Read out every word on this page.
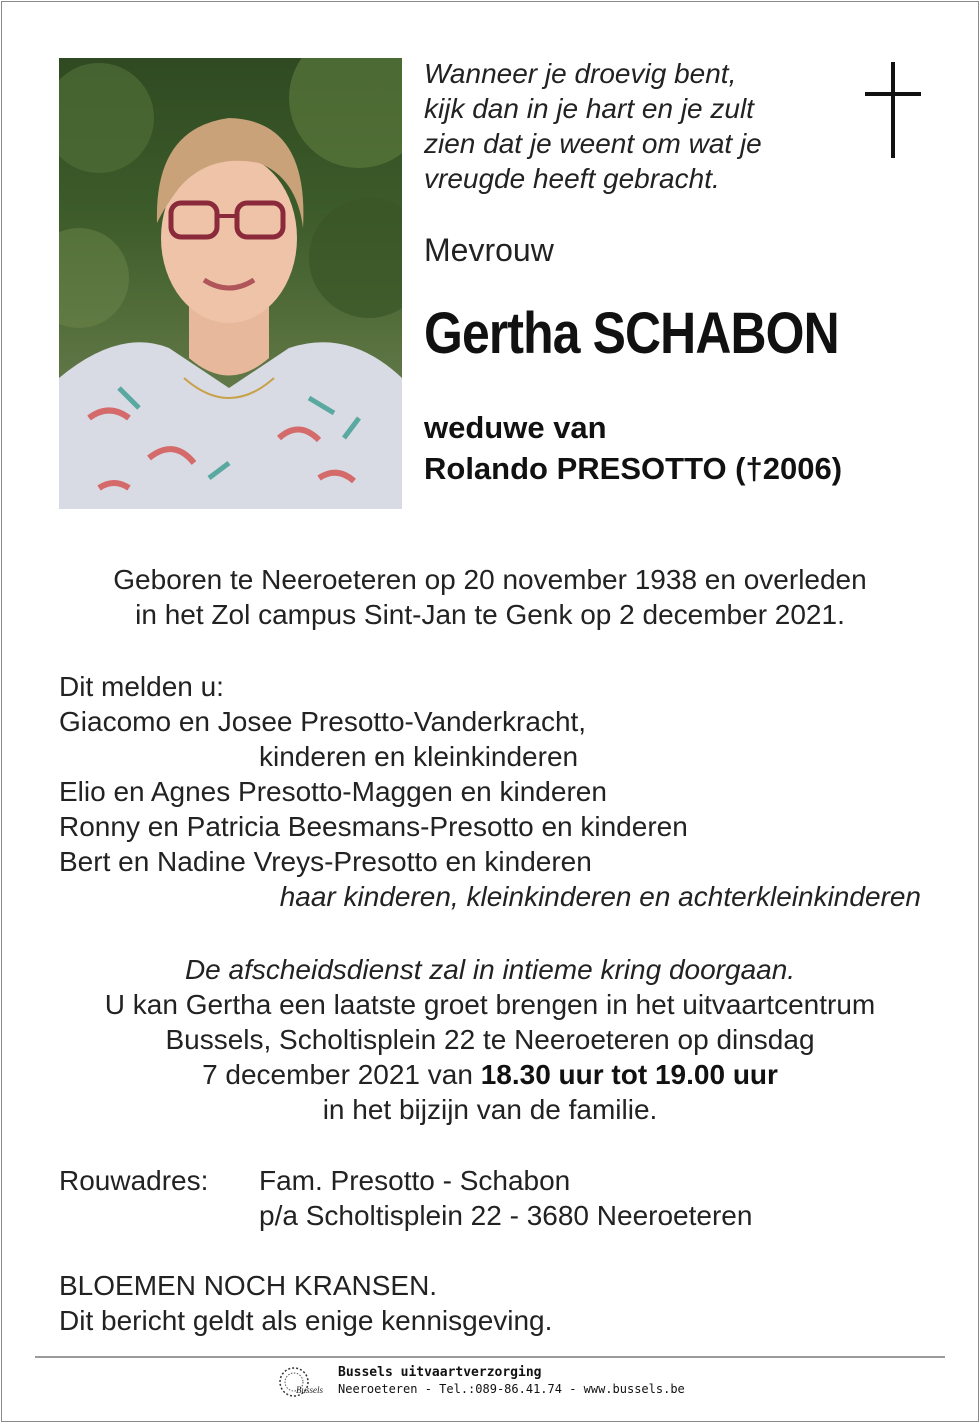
Wanneer je droevig bent,
kijk dan in je hart en je zult
zien dat je weent om wat je
vreugde heeft gebracht.
Mevrouw
Gertha SCHABON
weduwe van
Rolando PRESOTTO (†2006)
Geboren te Neeroeteren op 20 november 1938 en overleden
in het Zol campus Sint-Jan te Genk op 2 december 2021.
Dit melden u:
Giacomo en Josee Presotto-Vanderkracht,
kinderen en kleinkinderen
Elio en Agnes Presotto-Maggen en kinderen
Ronny en Patricia Beesmans-Presotto en kinderen
Bert en Nadine Vreys-Presotto en kinderen
haar kinderen, kleinkinderen en achterkleinkinderen
De afscheidsdienst zal in intieme kring doorgaan.
U kan Gertha een laatste groet brengen in het uitvaartcentrum
Bussels, Scholtisplein 22 te Neeroeteren op dinsdag
7 december 2021 van 18.30 uur tot 19.00 uur
in het bijzijn van de familie.
Rouwadres: Fam. Presotto - Schabon
p/a Scholtisplein 22 - 3680 Neeroeteren
BLOEMEN NOCH KRANSEN.
Dit bericht geldt als enige kennisgeving.
Bussels
Bussels uitvaartverzorging
Neeroeteren - Tel.:089-86.41.74 - www.bussels.be
